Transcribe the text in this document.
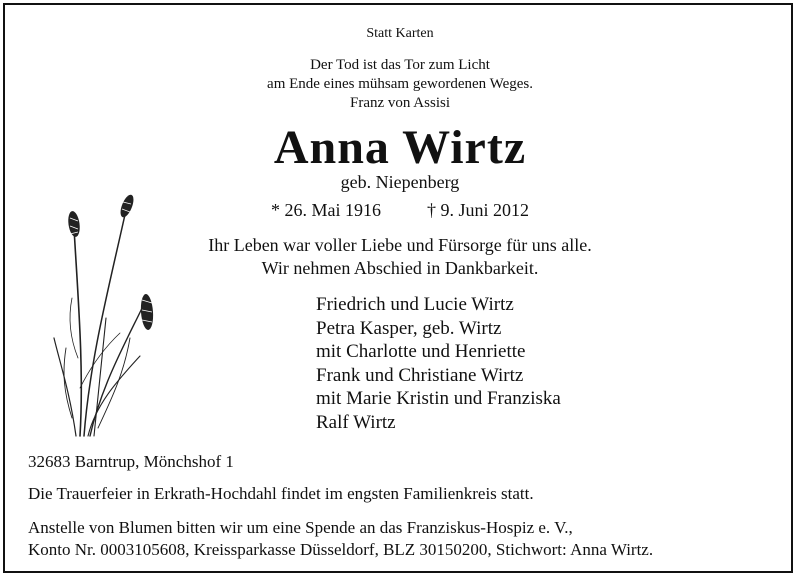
Statt Karten
Der Tod ist das Tor zum Licht
am Ende eines mühsam gewordenen Weges.
Franz von Assisi
Anna Wirtz
geb. Niepenberg
* 26. Mai 1916	† 9. Juni 2012
Ihr Leben war voller Liebe und Fürsorge für uns alle.
Wir nehmen Abschied in Dankbarkeit.
Friedrich und Lucie Wirtz
Petra Kasper, geb. Wirtz
mit Charlotte und Henriette
Frank und Christiane Wirtz
mit Marie Kristin und Franziska
Ralf Wirtz
32683 Barntrup, Mönchshof 1
Die Trauerfeier in Erkrath-Hochdahl findet im engsten Familienkreis statt.
Anstelle von Blumen bitten wir um eine Spende an das Franziskus-Hospiz e. V.,
Konto Nr. 0003105608, Kreissparkasse Düsseldorf, BLZ 30150200, Stichwort: Anna Wirtz.
